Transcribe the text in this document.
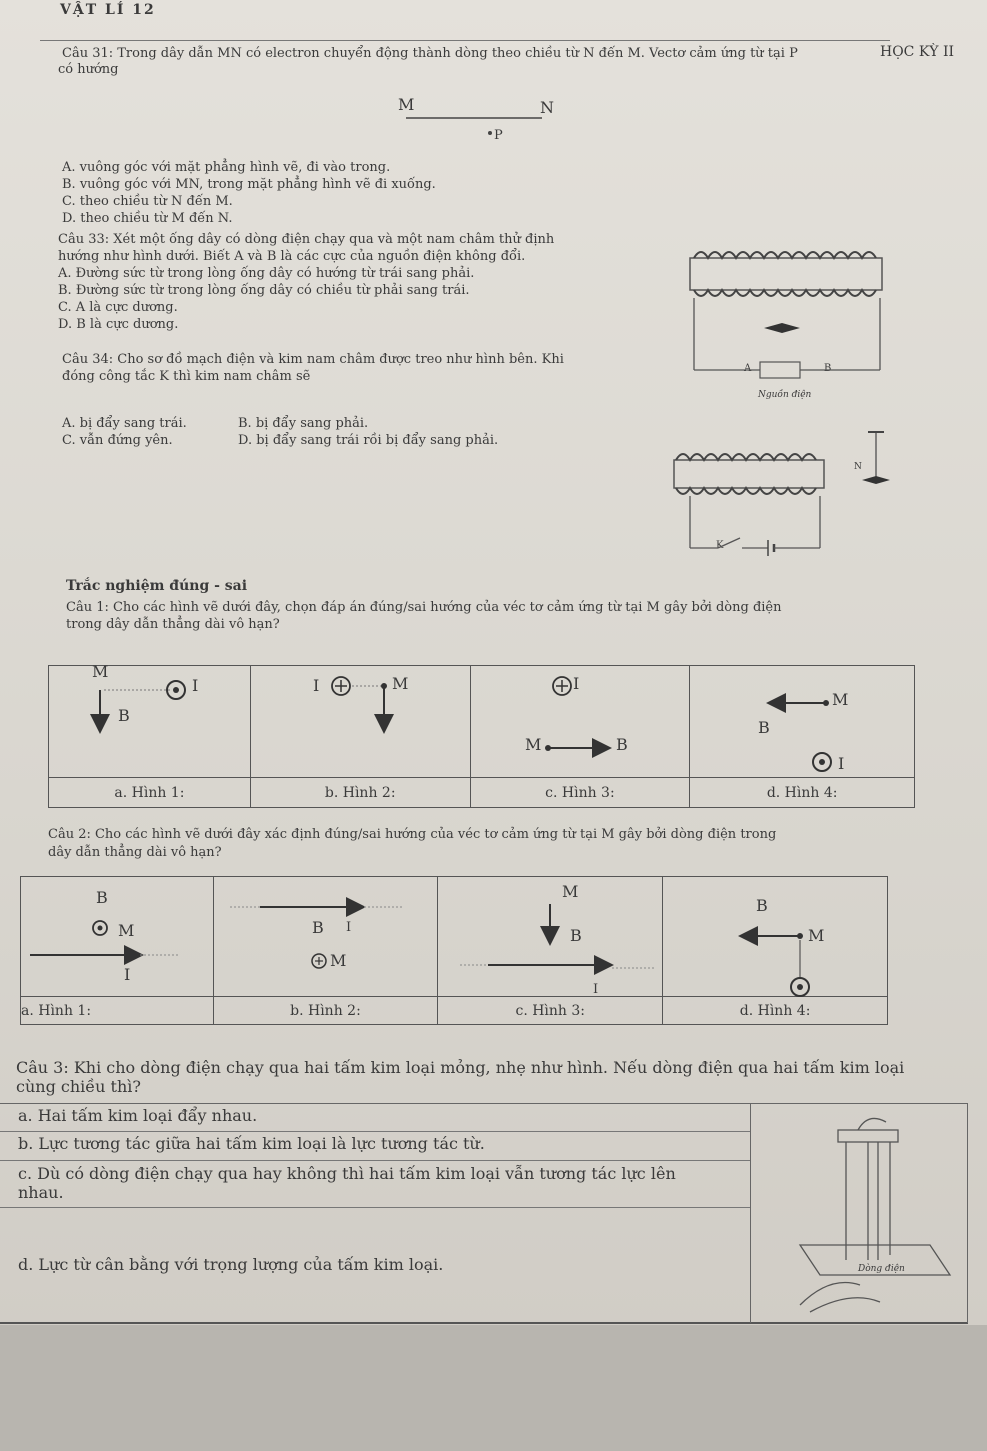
VẬT LÍ 12
HỌC KỲ II
Câu 31: Trong dây dẫn MN có electron chuyển động thành dòng theo chiều từ N đến M. Vectơ cảm ứng từ tại P
có hướng
M	N
P
A. vuông góc với mặt phẳng hình vẽ, đi vào trong.
B. vuông góc với MN, trong mặt phẳng hình vẽ đi xuống.
C. theo chiều từ N đến M.
D. theo chiều từ M đến N.
Câu 33: Xét một ống dây có dòng điện chạy qua và một nam châm thử định
hướng như hình dưới. Biết A và B là các cực của nguồn điện không đổi.
A. Đường sức từ trong lòng ống dây có hướng từ trái sang phải.
B. Đường sức từ trong lòng ống dây có chiều từ phải sang trái.
C. A là cực dương.
D. B là cực dương.
A	B
Nguồn điện
Câu 34: Cho sơ đồ mạch điện và kim nam châm được treo như hình bên. Khi
đóng công tắc K thì kim nam châm sẽ
A. bị đẩy sang trái.	B. bị đẩy sang phải.
C. vẫn đứng yên.	D. bị đẩy sang trái rồi bị đẩy sang phải.
K
N
Trắc nghiệm đúng - sai
Câu 1: Cho các hình vẽ dưới đây, chọn đáp án đúng/sai hướng của véc tơ cảm ứng từ tại M gây bởi dòng điện
trong dây dẫn thẳng dài vô hạn?

a. Hình 1:	b. Hình 2:	c. Hình 3:	d. Hình 4:
Câu 2: Cho các hình vẽ dưới đây xác định đúng/sai hướng của véc tơ cảm ứng từ tại M gây bởi dòng điện trong
dây dẫn thẳng dài vô hạn?

a. Hình 1:	b. Hình 2:	c. Hình 3:	d. Hình 4:
M
B
I	I	M	I
M	B
M
B
I
B
M
I
B I
M
M
B
I
B
M
Câu 3: Khi cho dòng điện chạy qua hai tấm kim loại mỏng, nhẹ như hình. Nếu dòng điện qua hai tấm kim loại
cùng chiều thì?
a. Hai tấm kim loại đẩy nhau.
b. Lực tương tác giữa hai tấm kim loại là lực tương tác từ.
c. Dù có dòng điện chạy qua hay không thì hai tấm kim loại vẫn tương tác lực lên
nhau.
d. Lực từ cân bằng với trọng lượng của tấm kim loại.	Dòng điện
